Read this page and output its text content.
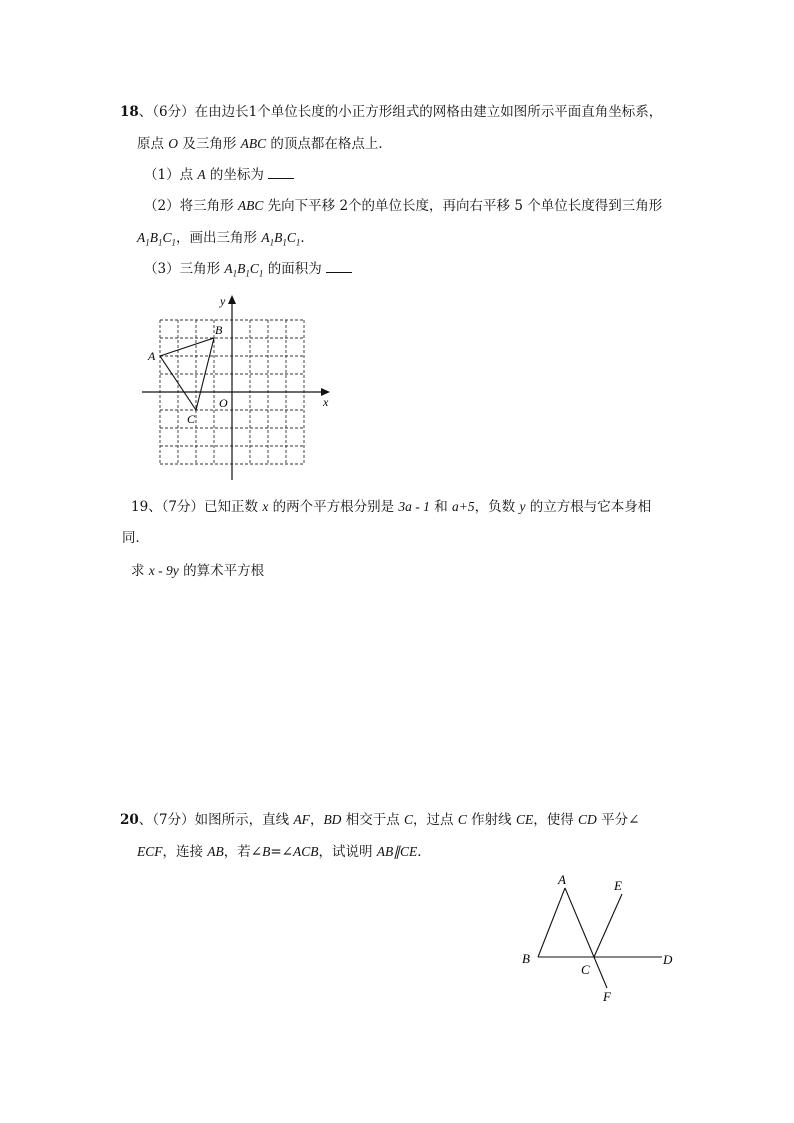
18、（6分）在由边长1个单位长度的小正方形组式的网格由建立如图所示平面直角坐标系，
原点 O 及三角形 ABC 的顶点都在格点上．
（1）点 A 的坐标为
（2）将三角形 ABC 先向下平移 2个的单位长度，再向右平移 5 个单位长度得到三角形
$A_1B_1C_1$，画出三角形 $A_1B_1C_1$．
（3）三角形 $A_1B_1C_1$ 的面积为
x
y
O
A
B
C
19、（7分）已知正数 x 的两个平方根分别是 3a - 1 和 a+5，负数 y 的立方根与它本身相
同．
求 x - 9y 的算术平方根
20、（7分）如图所示，直线 AF，BD 相交于点 C，过点 C 作射线 CE，使得 CD 平分∠
ECF，连接 AB，若∠B=∠ACB，试说明 AB∥CE．
A
B
C
D
E
F
